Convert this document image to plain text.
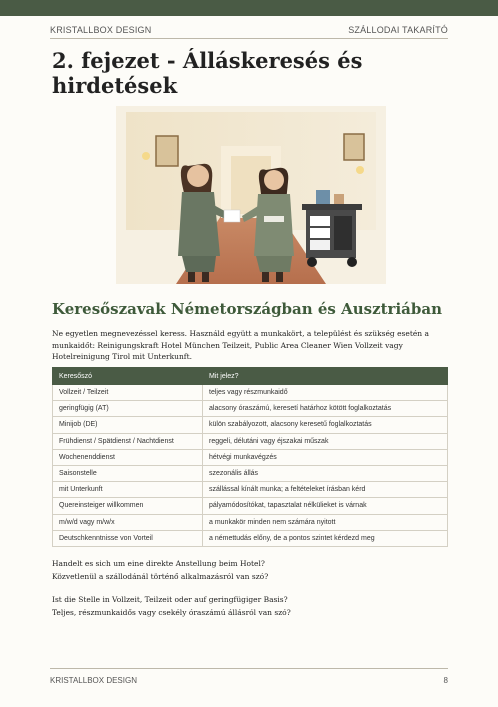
KRISTALLBOX DESIGN	SZÁLLODAI TAKARÍTÓ
2. fejezet - Álláskeresés és
hirdetések
Keresőszavak Németországban és Ausztriában
Ne egyetlen megnevezéssel keress. Használd együtt a munkakört, a települést és szükség esetén a munkaidőt: Reinigungskraft Hotel München Teilzeit, Public Area Cleaner Wien Vollzeit vagy Hotelreinigung Tirol mit Unterkunft.
Keresőszó	Mit jelez?
Vollzeit / Teilzeit	teljes vagy részmunkaidő
geringfügig (AT)	alacsony óraszámú, keresetí határhoz kötött foglalkoztatás
Minijob (DE)	külön szabályozott, alacsony keresetű foglalkoztatás
Frühdienst / Spätdienst / Nachtdienst	reggeli, délutáni vagy éjszakai műszak
Wochenenddienst	hétvégi munkavégzés
Saisonstelle	szezonális állás
mit Unterkunft	szállással kínált munka; a feltételeket írásban kérd
Quereinsteiger willkommen	pályamódosítókat, tapasztalat nélkülieket is várnak
m/w/d vagy m/w/x	a munkakör minden nem számára nyitott
Deutschkenntnisse von Vorteil	a némettudás előny, de a pontos szintet kérdezd meg
Handelt es sich um eine direkte Anstellung beim Hotel?
Közvetlenül a szállodánál történő alkalmazásról van szó?
Ist die Stelle in Vollzeit, Teilzeit oder auf geringfügiger Basis?
Teljes, részmunkaidős vagy csekély óraszámú állásról van szó?
KRISTALLBOX DESIGN	8
